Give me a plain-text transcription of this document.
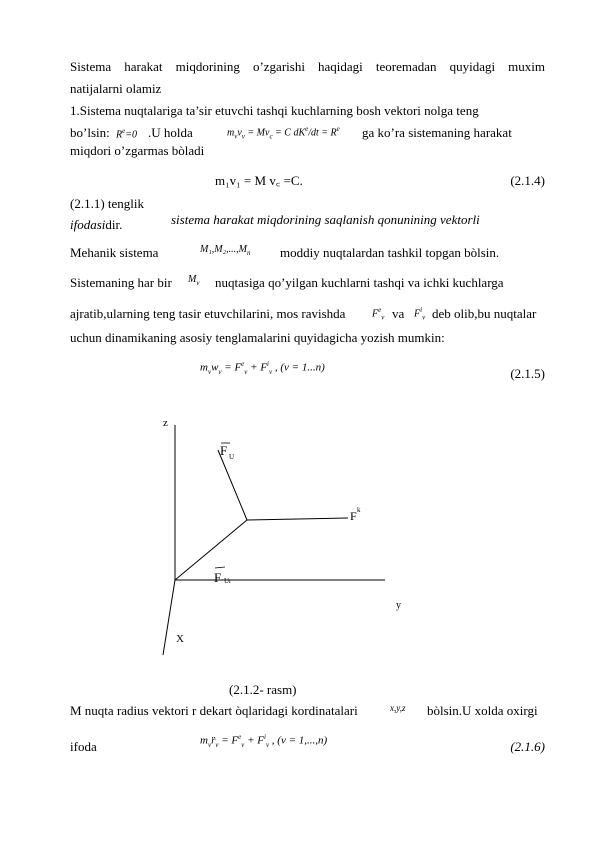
Sistema harakat miqdorining o’zgarishi haqidagi teoremadan quyidagi muxim
natijalarni olamiz
1.Sistema nuqtalariga ta’sir etuvchi tashqi kuchlarning bosh vektori nolga teng
bo’lsin: $R^e=0$ .U holda	$m_\nu v_\nu = Mv_c = C$ $dK^e/dt = R^e$ ga ko’ra sistemaning harakat
miqdori o’zgarmas bòladi
m₁v₁ = M v꜀ =C.	(2.1.4)
(2.1.1) tenglik
sistema harakat miqdorining saqlanish qonunining vektorli
ifodasidir.
Mehanik sistema	$M_1,M_2,...,M_n$ moddiy nuqtalardan tashkil topgan bòlsin.
Sistemaning har bir $M_\nu$ nuqtasiga qo’yilgan kuchlarni tashqi va ichki kuchlarga
ajratib,ularning teng tasir etuvchilarini, mos ravishda	$F^e_\nu$ va $F^i_\nu$ deb olib,bu nuqtalar
uchun dinamikaning asosiy tenglamalarini quyidagicha yozish mumkin:
$m_\nu w_\nu = F^e_\nu + F^i_\nu$ , (ν = 1...n)	(2.1.5)
z
y
X
F U
F k
F Ur
(2.1.2- rasm)
M nuqta radius vektori r dekart òqlaridagi kordinatalari	x,y,z bòlsin.U xolda oxirgi
ifoda	$m_\nu r̈_\nu = F^e_\nu + F^i_\nu$ , (ν = 1,...,n)	(2.1.6)
